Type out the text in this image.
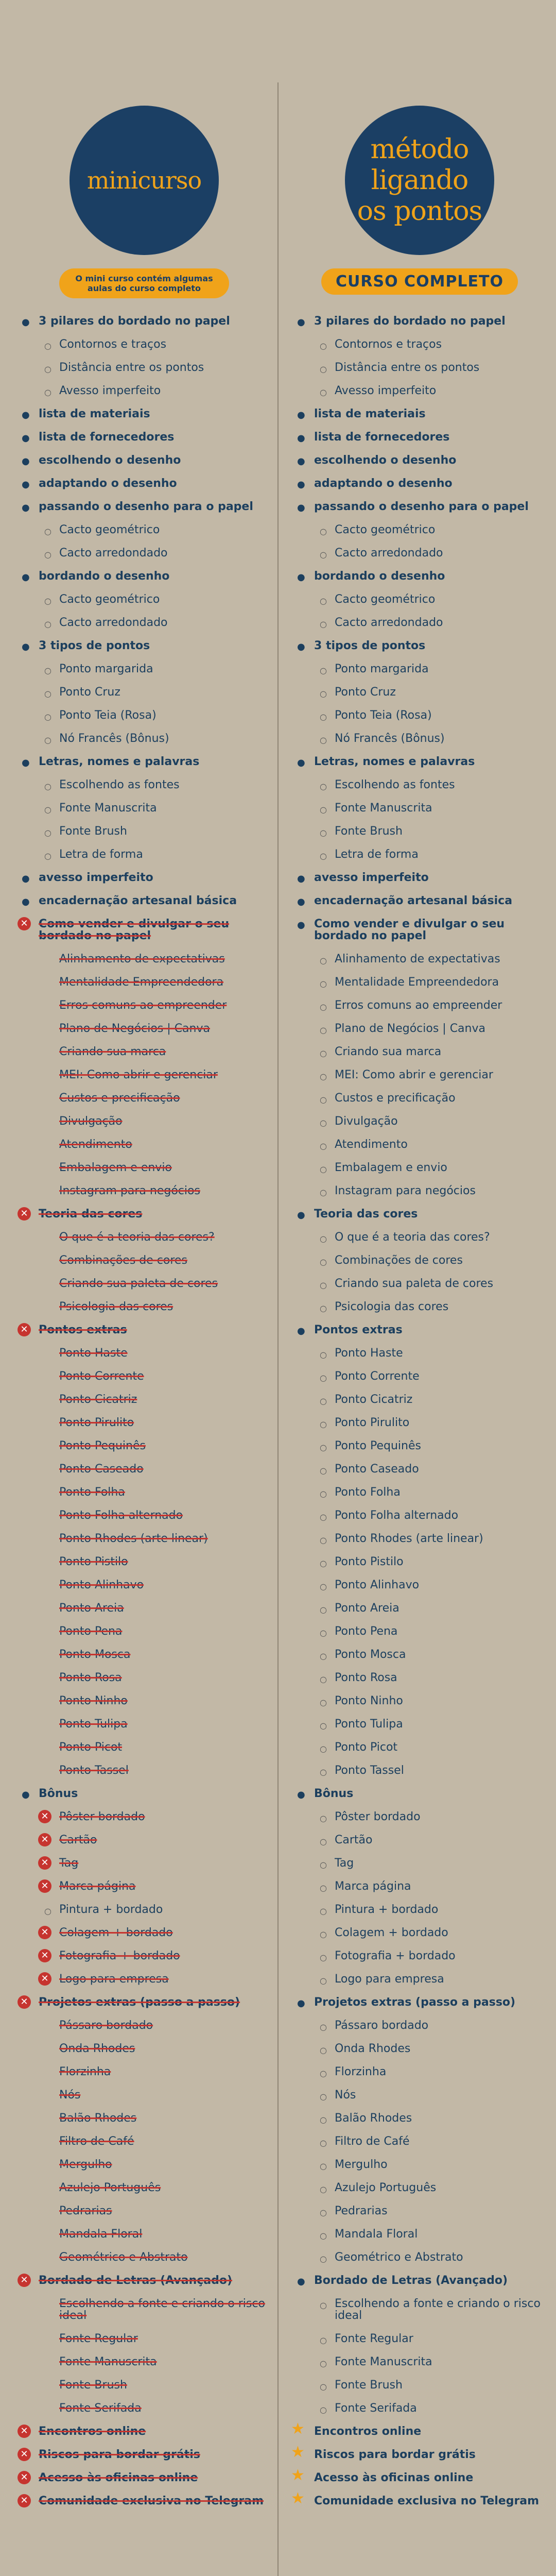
minicurso
O mini curso contém algumas aulas do curso completo
● 3 pilares do bordado no papel
○ Contornos e traços
○ Distância entre os pontos
○ Avesso imperfeito
● lista de materiais
● lista de fornecedores
● escolhendo o desenho
● adaptando o desenho
● passando o desenho para o papel
○ Cacto geométrico
○ Cacto arredondado
● bordando o desenho
○ Cacto geométrico
○ Cacto arredondado
● 3 tipos de pontos
○ Ponto margarida
○ Ponto Cruz
○ Ponto Teia (Rosa)
○ Nó Francês (Bônus)
● Letras, nomes e palavras
○ Escolhendo as fontes
○ Fonte Manuscrita
○ Fonte Brush
○ Letra de forma
● avesso imperfeito
● encadernação artesanal básica
✕ Como vender e divulgar o seu bordado no papel
Alinhamento de expectativas
Mentalidade Empreendedora
Erros comuns ao empreender
Plano de Negócios | Canva
Criando sua marca
MEI: Como abrir e gerenciar
Custos e precificação
Divulgação
Atendimento
Embalagem e envio
Instagram para negócios
✕ Teoria das cores
O que é a teoria das cores?
Combinações de cores
Criando sua paleta de cores
Psicologia das cores
✕ Pontos extras
Ponto Haste
Ponto Corrente
Ponto Cicatriz
Ponto Pirulito
Ponto Pequinês
Ponto Caseado
Ponto Folha
Ponto Folha alternado
Ponto Rhodes (arte linear)
Ponto Pistilo
Ponto Alinhavo
Ponto Areia
Ponto Pena
Ponto Mosca
Ponto Rosa
Ponto Ninho
Ponto Tulipa
Ponto Picot
Ponto Tassel
● Bônus
✕ Pôster bordado
✕ Cartão
✕ Tag
✕ Marca página
○ Pintura + bordado
✕ Colagem + bordado
✕ Fotografia + bordado
✕ Logo para empresa
✕ Projetos extras (passo a passo)
Pássaro bordado
Onda Rhodes
Florzinha
Nós
Balão Rhodes
Filtro de Café
Mergulho
Azulejo Português
Pedrarias
Mandala Floral
Geométrico e Abstrato
✕ Bordado de Letras (Avançado)
Escolhendo a fonte e criando o risco ideal
Fonte Regular
Fonte Manuscrita
Fonte Brush
Fonte Serifada
✕ Encontros online
✕ Riscos para bordar grátis
✕ Acesso às oficinas online
✕ Comunidade exclusiva no Telegram
método ligando os pontos
CURSO COMPLETO
● 3 pilares do bordado no papel
○ Contornos e traços
○ Distância entre os pontos
○ Avesso imperfeito
● lista de materiais
● lista de fornecedores
● escolhendo o desenho
● adaptando o desenho
● passando o desenho para o papel
○ Cacto geométrico
○ Cacto arredondado
● bordando o desenho
○ Cacto geométrico
○ Cacto arredondado
● 3 tipos de pontos
○ Ponto margarida
○ Ponto Cruz
○ Ponto Teia (Rosa)
○ Nó Francês (Bônus)
● Letras, nomes e palavras
○ Escolhendo as fontes
○ Fonte Manuscrita
○ Fonte Brush
○ Letra de forma
● avesso imperfeito
● encadernação artesanal básica
● Como vender e divulgar o seu bordado no papel
○ Alinhamento de expectativas
○ Mentalidade Empreendedora
○ Erros comuns ao empreender
○ Plano de Negócios | Canva
○ Criando sua marca
○ MEI: Como abrir e gerenciar
○ Custos e precificação
○ Divulgação
○ Atendimento
○ Embalagem e envio
○ Instagram para negócios
● Teoria das cores
○ O que é a teoria das cores?
○ Combinações de cores
○ Criando sua paleta de cores
○ Psicologia das cores
● Pontos extras
○ Ponto Haste
○ Ponto Corrente
○ Ponto Cicatriz
○ Ponto Pirulito
○ Ponto Pequinês
○ Ponto Caseado
○ Ponto Folha
○ Ponto Folha alternado
○ Ponto Rhodes (arte linear)
○ Ponto Pistilo
○ Ponto Alinhavo
○ Ponto Areia
○ Ponto Pena
○ Ponto Mosca
○ Ponto Rosa
○ Ponto Ninho
○ Ponto Tulipa
○ Ponto Picot
○ Ponto Tassel
● Bônus
○ Pôster bordado
○ Cartão
○ Tag
○ Marca página
○ Pintura + bordado
○ Colagem + bordado
○ Fotografia + bordado
○ Logo para empresa
● Projetos extras (passo a passo)
○ Pássaro bordado
○ Onda Rhodes
○ Florzinha
○ Nós
○ Balão Rhodes
○ Filtro de Café
○ Mergulho
○ Azulejo Português
○ Pedrarias
○ Mandala Floral
○ Geométrico e Abstrato
● Bordado de Letras (Avançado)
○ Escolhendo a fonte e criando o risco ideal
○ Fonte Regular
○ Fonte Manuscrita
○ Fonte Brush
○ Fonte Serifada
★ Encontros online
★ Riscos para bordar grátis
★ Acesso às oficinas online
★ Comunidade exclusiva no Telegram
